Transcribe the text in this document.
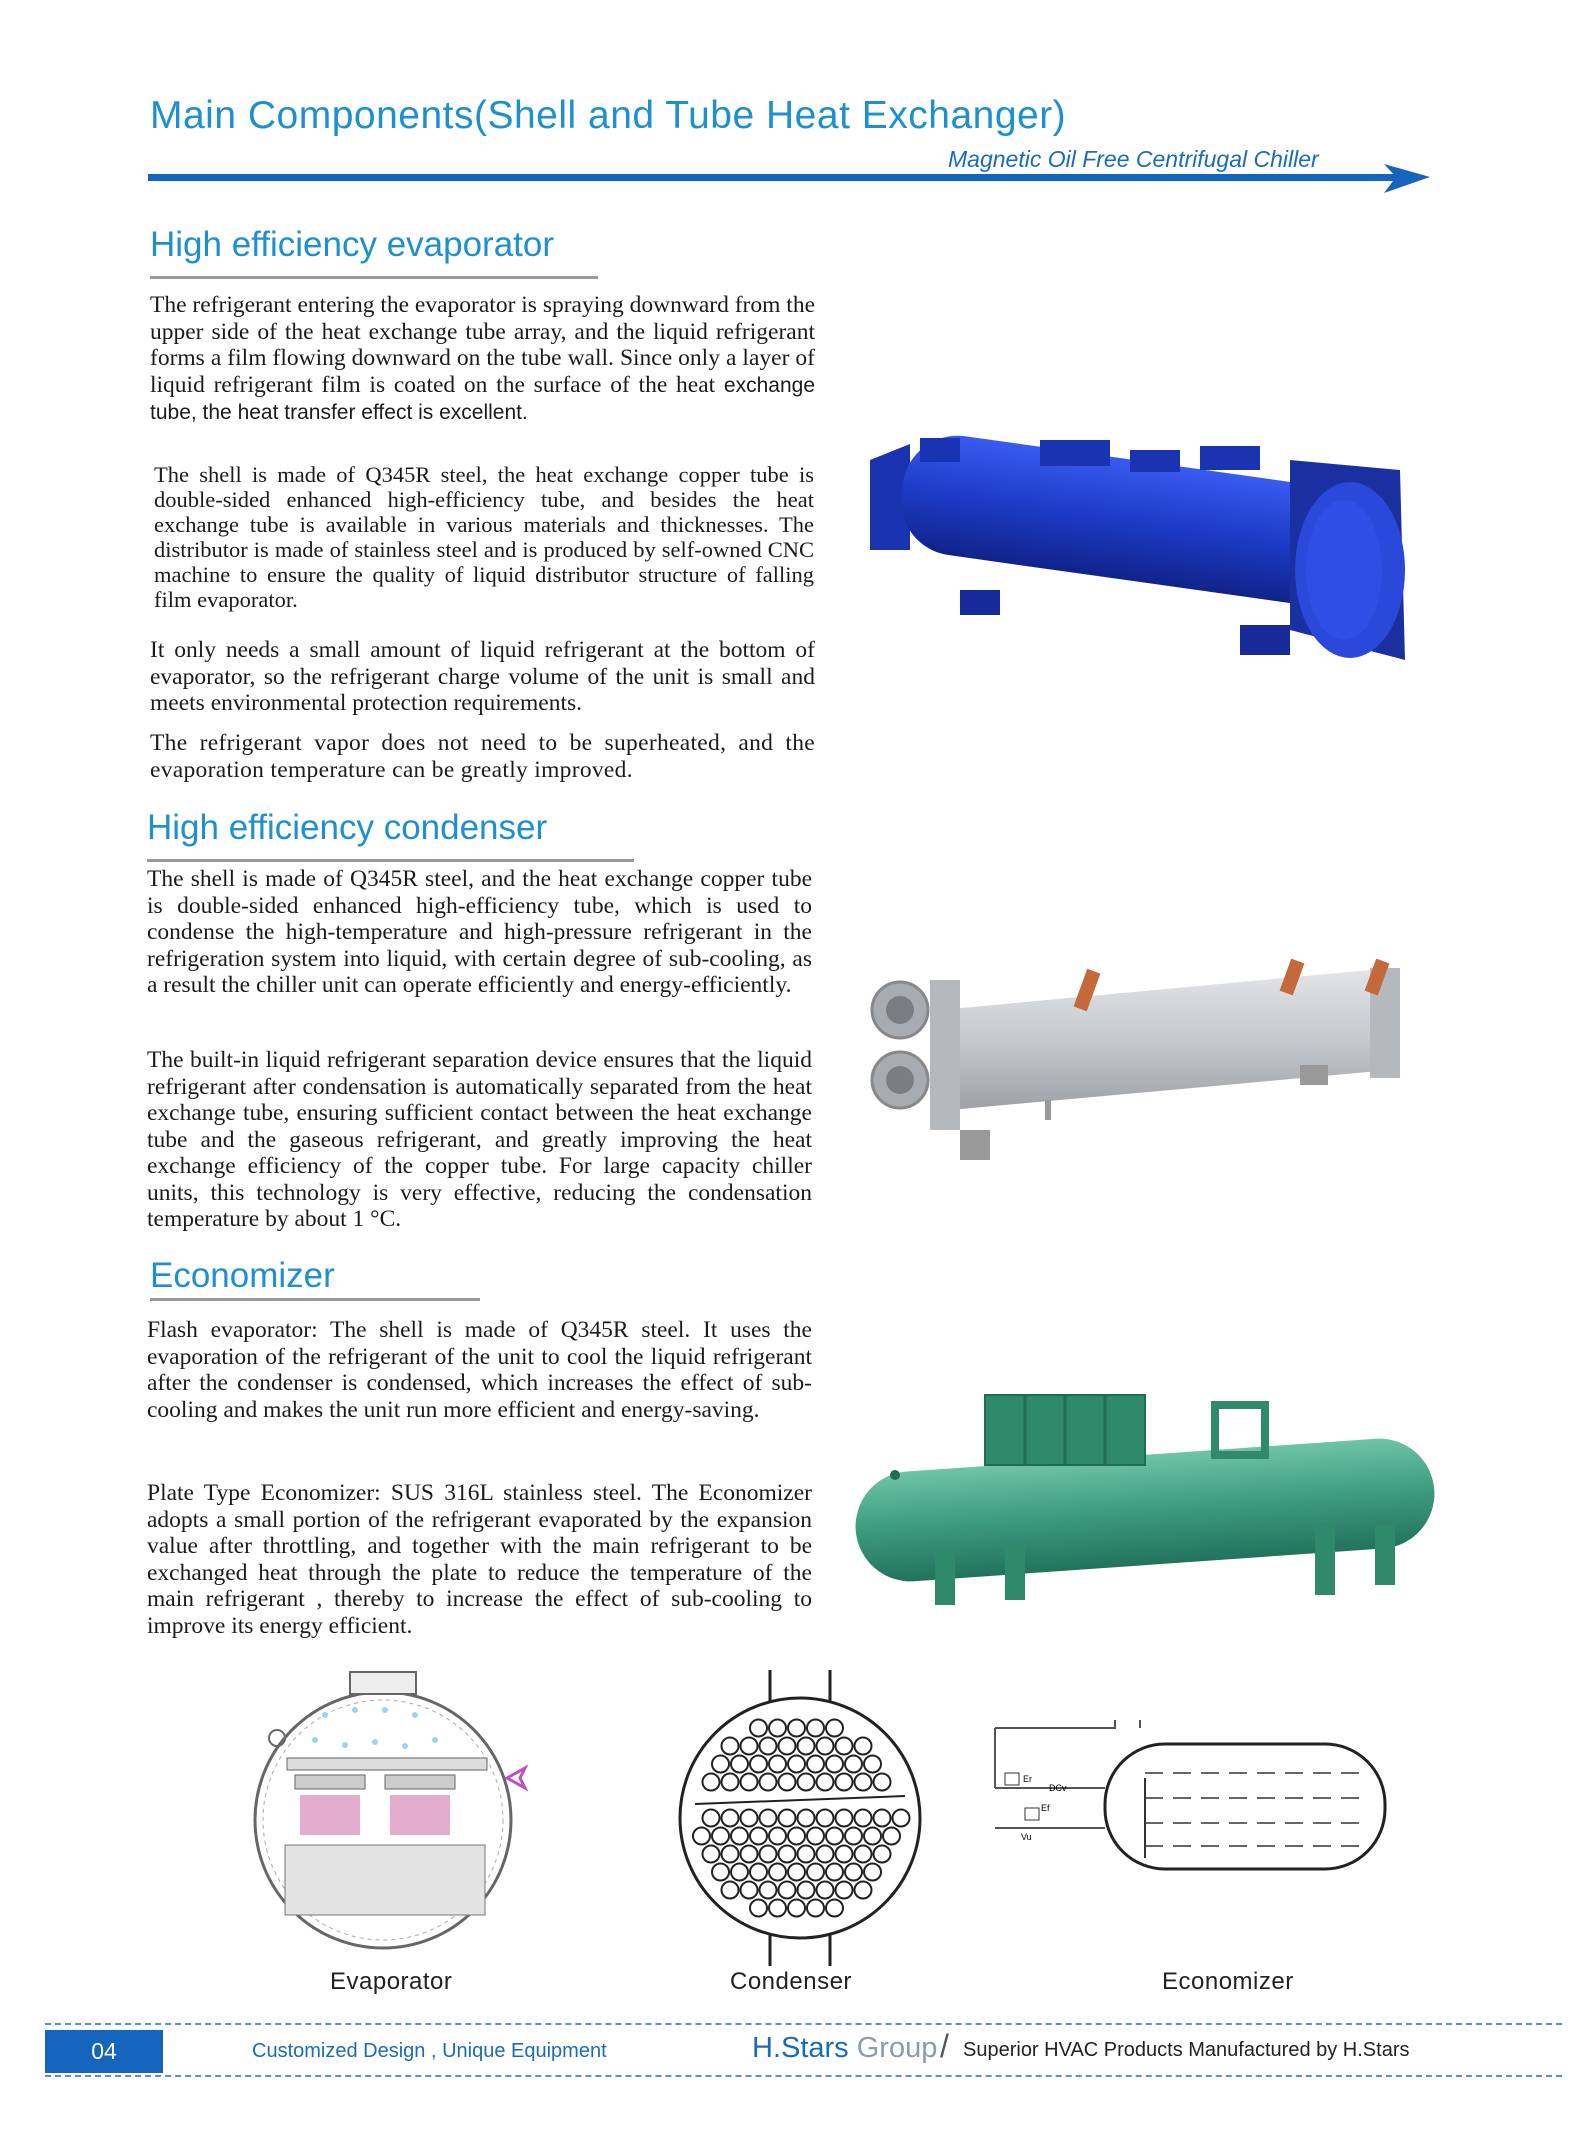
Main Components(Shell and Tube Heat Exchanger)
Magnetic Oil Free Centrifugal Chiller
High efficiency evaporator
The refrigerant entering the evaporator is spraying downward from the upper side of the heat exchange tube array, and the liquid refrigerant forms a film flowing downward on the tube wall. Since only a layer of liquid refrigerant film is coated on the surface of the heat exchange tube, the heat transfer effect is excellent.
The shell is made of Q345R steel, the heat exchange copper tube is double-sided enhanced high-efficiency tube, and besides the heat exchange tube is available in various materials and thicknesses. The distributor is made of stainless steel and is produced by self-owned CNC machine to ensure the quality of liquid distributor structure of falling film evaporator.
It only needs a small amount of liquid refrigerant at the bottom of evaporator, so the refrigerant charge volume of the unit is small and meets environmental protection requirements.
The refrigerant vapor does not need to be superheated, and the evaporation temperature can be greatly improved.
High efficiency condenser
The shell is made of Q345R steel, and the heat exchange copper tube is double-sided enhanced high-efficiency tube, which is used to condense the high-temperature and high-pressure refrigerant in the refrigeration system into liquid, with certain degree of sub-cooling, as a result the chiller unit can operate efficiently and energy-efficiently.
The built-in liquid refrigerant separation device ensures that the liquid refrigerant after condensation is automatically separated from the heat exchange tube, ensuring sufficient contact between the heat exchange tube and the gaseous refrigerant, and greatly improving the heat exchange efficiency of the copper tube. For large capacity chiller units, this technology is very effective, reducing the condensation temperature by about 1 °C.
Economizer
Flash evaporator: The shell is made of Q345R steel. It uses the evaporation of the refrigerant of the unit to cool the liquid refrigerant after the condenser is condensed, which increases the effect of sub-cooling and makes the unit run more efficient and energy-saving.
Plate Type Economizer: SUS 316L stainless steel. The Economizer adopts a small portion of the refrigerant evaporated by the expansion value after throttling, and together with the main refrigerant to be exchanged heat through the plate to reduce the temperature of the main refrigerant , thereby to increase the effect of sub-cooling to improve its energy efficient.
Er
DCv
Ef
Vu
Evaporator	Condenser	Economizer
04	Customized Design , Unique Equipment	H.Stars Group / Superior HVAC Products Manufactured by H.Stars
